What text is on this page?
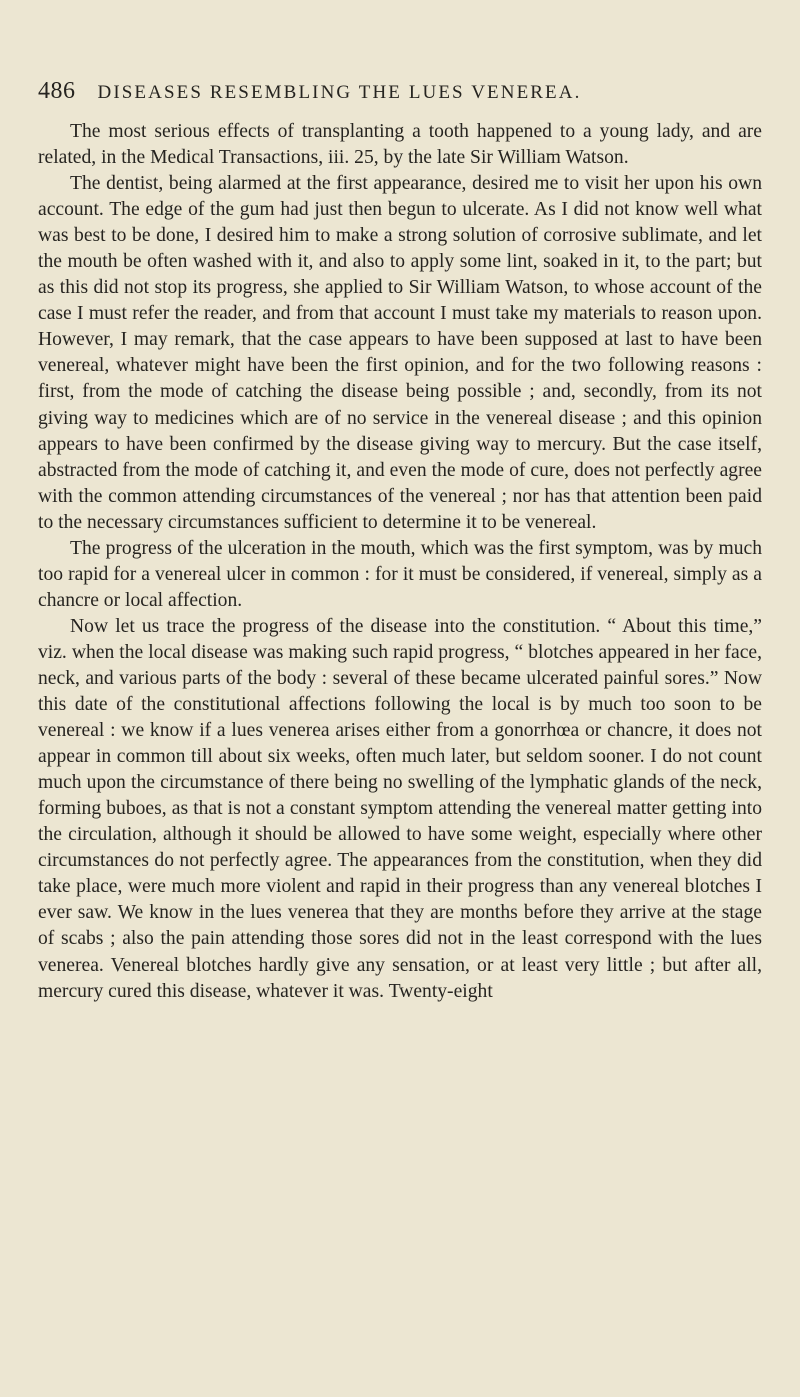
486 DISEASES RESEMBLING THE LUES VENEREA.

The most serious effects of transplanting a tooth happened to a young lady, and are related, in the Medical Transactions, iii. 25, by the late Sir William Watson.

The dentist, being alarmed at the first appearance, desired me to visit her upon his own account. The edge of the gum had just then begun to ulcerate. As I did not know well what was best to be done, I desired him to make a strong solution of corrosive sublimate, and let the mouth be often washed with it, and also to apply some lint, soaked in it, to the part; but as this did not stop its progress, she applied to Sir William Watson, to whose account of the case I must refer the reader, and from that account I must take my materials to reason upon. However, I may remark, that the case appears to have been supposed at last to have been venereal, whatever might have been the first opinion, and for the two following reasons : first, from the mode of catching the disease being possible ; and, secondly, from its not giving way to medicines which are of no service in the venereal disease ; and this opinion appears to have been confirmed by the disease giving way to mercury. But the case itself, abstracted from the mode of catching it, and even the mode of cure, does not perfectly agree with the common attending circumstances of the venereal ; nor has that attention been paid to the necessary circumstances sufficient to determine it to be venereal.

The progress of the ulceration in the mouth, which was the first symptom, was by much too rapid for a venereal ulcer in common : for it must be considered, if venereal, simply as a chancre or local affection.

Now let us trace the progress of the disease into the constitution. “ About this time,” viz. when the local disease was making such rapid progress, “ blotches appeared in her face, neck, and various parts of the body : several of these became ulcerated painful sores.” Now this date of the constitutional affections following the local is by much too soon to be venereal : we know if a lues venerea arises either from a gonorrhœa or chancre, it does not appear in common till about six weeks, often much later, but seldom sooner. I do not count much upon the circumstance of there being no swelling of the lymphatic glands of the neck, forming buboes, as that is not a constant symptom attending the venereal matter getting into the circulation, although it should be allowed to have some weight, especially where other circumstances do not perfectly agree. The appearances from the constitution, when they did take place, were much more violent and rapid in their progress than any venereal blotches I ever saw. We know in the lues venerea that they are months before they arrive at the stage of scabs ; also the pain attending those sores did not in the least correspond with the lues venerea. Venereal blotches hardly give any sensation, or at least very little ; but after all, mercury cured this disease, whatever it was. Twenty-eight
